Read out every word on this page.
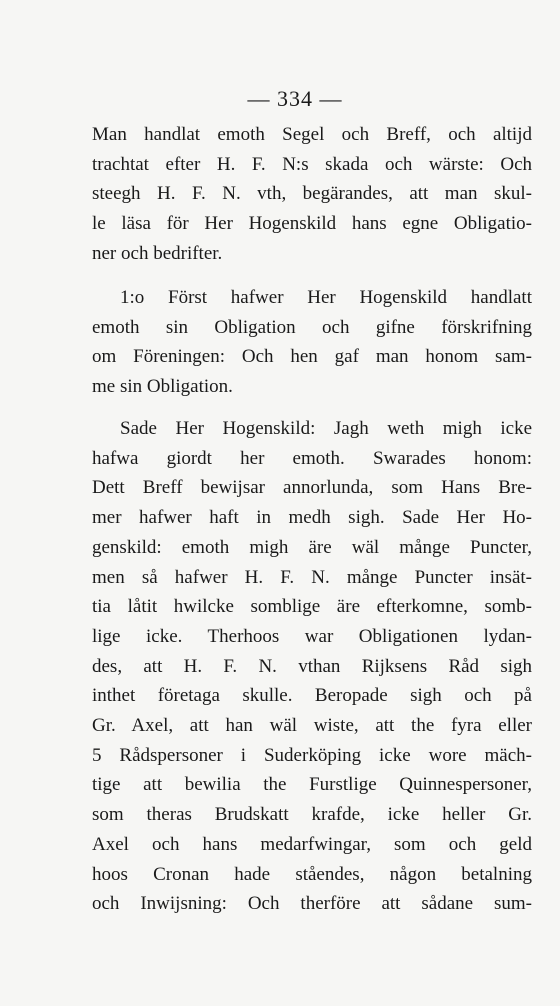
— 334 —
Man handlat emoth Segel och Breff, och altijd
trachtat efter H. F. N:s skada och wärste: Och
steegh H. F. N. vth, begärandes, att man skul-
le läsa för Her Hogenskild hans egne Obligatio-
ner och bedrifter.
1:o Först hafwer Her Hogenskild handlatt
emoth sin Obligation och gifne förskrifning
om Föreningen: Och hen gaf man honom sam-
me sin Obligation.
Sade Her Hogenskild: Jagh weth migh icke
hafwa giordt her emoth. Swarades honom:
Dett Breff bewijsar annorlunda, som Hans Bre-
mer hafwer haft in medh sigh. Sade Her Ho-
genskild: emoth migh äre wäl månge Puncter,
men så hafwer H. F. N. månge Puncter insät-
tia låtit hwilcke somblige äre efterkomne, somb-
lige icke. Therhoos war Obligationen lydan-
des, att H. F. N. vthan Rijksens Råd sigh
inthet företaga skulle. Beropade sigh och på
Gr. Axel, att han wäl wiste, att the fyra eller
5 Rådspersoner i Suderköping icke wore mäch-
tige att bewilia the Furstlige Quinnespersoner,
som theras Brudskatt krafde, icke heller Gr.
Axel och hans medarfwingar, som och geld
hoos Cronan hade ståendes, någon betalning
och Inwijsning: Och therföre att sådane sum-
